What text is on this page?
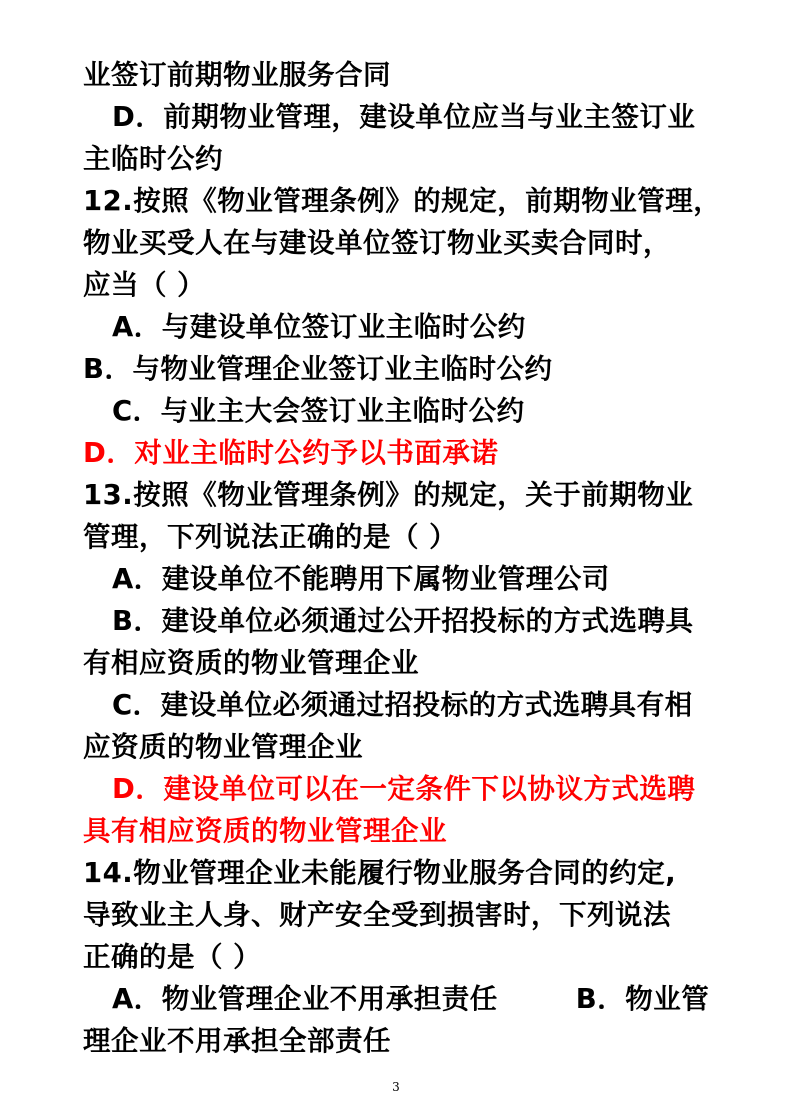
业签订前期物业服务合同
D．前期物业管理，建设单位应当与业主签订业
主临时公约
12.按照《物业管理条例》的规定，前期物业管理，
物业买受人在与建设单位签订物业买卖合同时，
应当（ ）
A．与建设单位签订业主临时公约
B．与物业管理企业签订业主临时公约
C．与业主大会签订业主临时公约
D．对业主临时公约予以书面承诺
13.按照《物业管理条例》的规定，关于前期物业
管理，下列说法正确的是（ ）
A．建设单位不能聘用下属物业管理公司
B．建设单位必须通过公开招投标的方式选聘具
有相应资质的物业管理企业
C．建设单位必须通过招投标的方式选聘具有相
应资质的物业管理企业
D．建设单位可以在一定条件下以协议方式选聘
具有相应资质的物业管理企业
14.物业管理企业未能履行物业服务合同的约定,
导致业主人身、财产安全受到损害时，下列说法
正确的是（ ）
A．物业管理企业不用承担责任	B．物业管
理企业不用承担全部责任
3
